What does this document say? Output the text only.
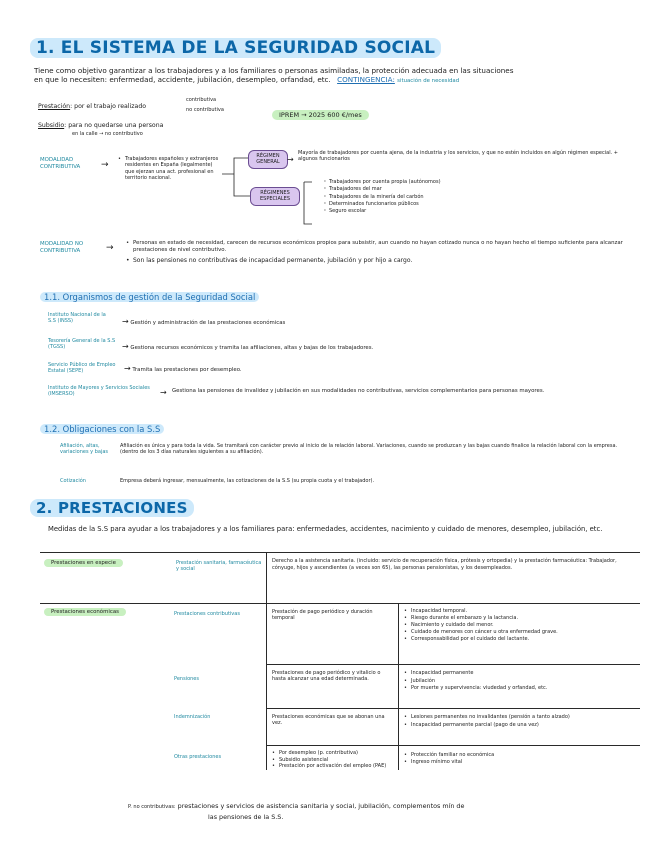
1. EL SISTEMA DE LA SEGURIDAD SOCIAL
Tiene como objetivo garantizar a los trabajadores y a los familiares o personas asimiladas, la protección adecuada en las situaciones
en que lo necesiten: enfermedad, accidente, jubilación, desempleo, orfandad, etc. CONTINGENCIA: situación de necesidad
Prestación: por el trabajo realizado
contributiva
no contributiva
Subsidio: para no quedarse una persona
en la calle → no contributivo
IPREM → 2025 600 €/mes
MODALIDAD CONTRIBUTIVA	→
• Trabajadores españoles y extranjeros residentes en España (legalmente) que ejerzan una act. profesional en territorio nacional.
RÉGIMEN GENERAL →
Mayoría de trabajadores por cuenta ajena, de la industria y los servicios, y que no estén incluidos en algún régimen especial. + algunos funcionarios
RÉGIMENES ESPECIALES
· Trabajadores por cuenta propia (autónomos)
· Trabajadores del mar
· Trabajadores de la minería del carbón
· Determinados funcionarios públicos
· Seguro escolar
MODALIDAD NO CONTRIBUTIVA	→
•	Personas en estado de necesidad, carecen de recursos económicos propios para subsistir, aun cuando no hayan cotizado nunca o no hayan hecho el tiempo suficiente para alcanzar prestaciones de nivel contributivo.
• Son las pensiones no contributivas de incapacidad permanente, jubilación y por hijo a cargo.
1.1. Organismos de gestión de la Seguridad Social
Instituto Nacional de la S.S (INSS)	→ Gestión y administración de las prestaciones económicas
Tesorería General de la S.S (TGSS)	→ Gestiona recursos económicos y tramita las afiliaciones, altas y bajas de los trabajadores.
Servicio Público de Empleo Estatal (SEPE)	→ Tramita las prestaciones por desempleo.
Instituto de Mayores y Servicios Sociales (IMSERSO)	→ Gestiona las pensiones de invalidez y jubilación en sus modalidades no contributivas, servicios complementarios para personas mayores.
1.2. Obligaciones con la S.S
Afiliación, altas, variaciones y bajas
Afiliación es única y para toda la vida. Se tramitará con carácter previo al inicio de la relación laboral. Variaciones, cuando se produzcan y las bajas cuando finalice la relación laboral con la empresa. (dentro de los 3 días naturales siguientes a su afiliación).
Cotización	Empresa deberá ingresar, mensualmente, las cotizaciones de la S.S (su propia cuota y el trabajador).
2. PRESTACIONES
Medidas de la S.S para ayudar a los trabajadores y a los familiares para: enfermedades, accidentes, nacimiento y cuidado de menores, desempleo, jubilación, etc.
Prestaciones en especie	Prestación sanitaria, farmacéutica y social
Derecho a la asistencia sanitaria. (incluido: servicio de recuperación física, prótesis y ortopedia) y la prestación farmacéutica: Trabajador, cónyuge, hijos y ascendientes (a veces son 65), las personas pensionistas, y los desempleados.
Prestaciones económicas	Prestaciones contributivas	Prestación de pago periódico y duración temporal
• Incapacidad temporal.
• Riesgo durante el embarazo y la lactancia.
• Nacimiento y cuidado del menor.
• Cuidado de menores con cáncer u otra enfermedad grave.
• Corresponsabilidad por el cuidado del lactante.
Pensiones
Prestaciones de pago periódico y vitalicio o hasta alcanzar una edad determinada.
• Incapacidad permanente
• Jubilación
• Por muerte y supervivencia: viudedad y orfandad, etc.
Indemnización	Prestaciones económicas que se abonan una vez.
• Lesiones permanentes no invalidantes (pensión a tanto alzado)
• Incapacidad permanente parcial (pago de una vez)
Otras prestaciones
• Por desempleo (p. contributiva)
• Subsidio asistencial
• Prestación por activación del empleo (PAE)
• Protección familiar no económica
• Ingreso mínimo vital
P. no contributivas: prestaciones y servicios de asistencia sanitaria y social, jubilación, complementos mín de
las pensiones de la S.S.
